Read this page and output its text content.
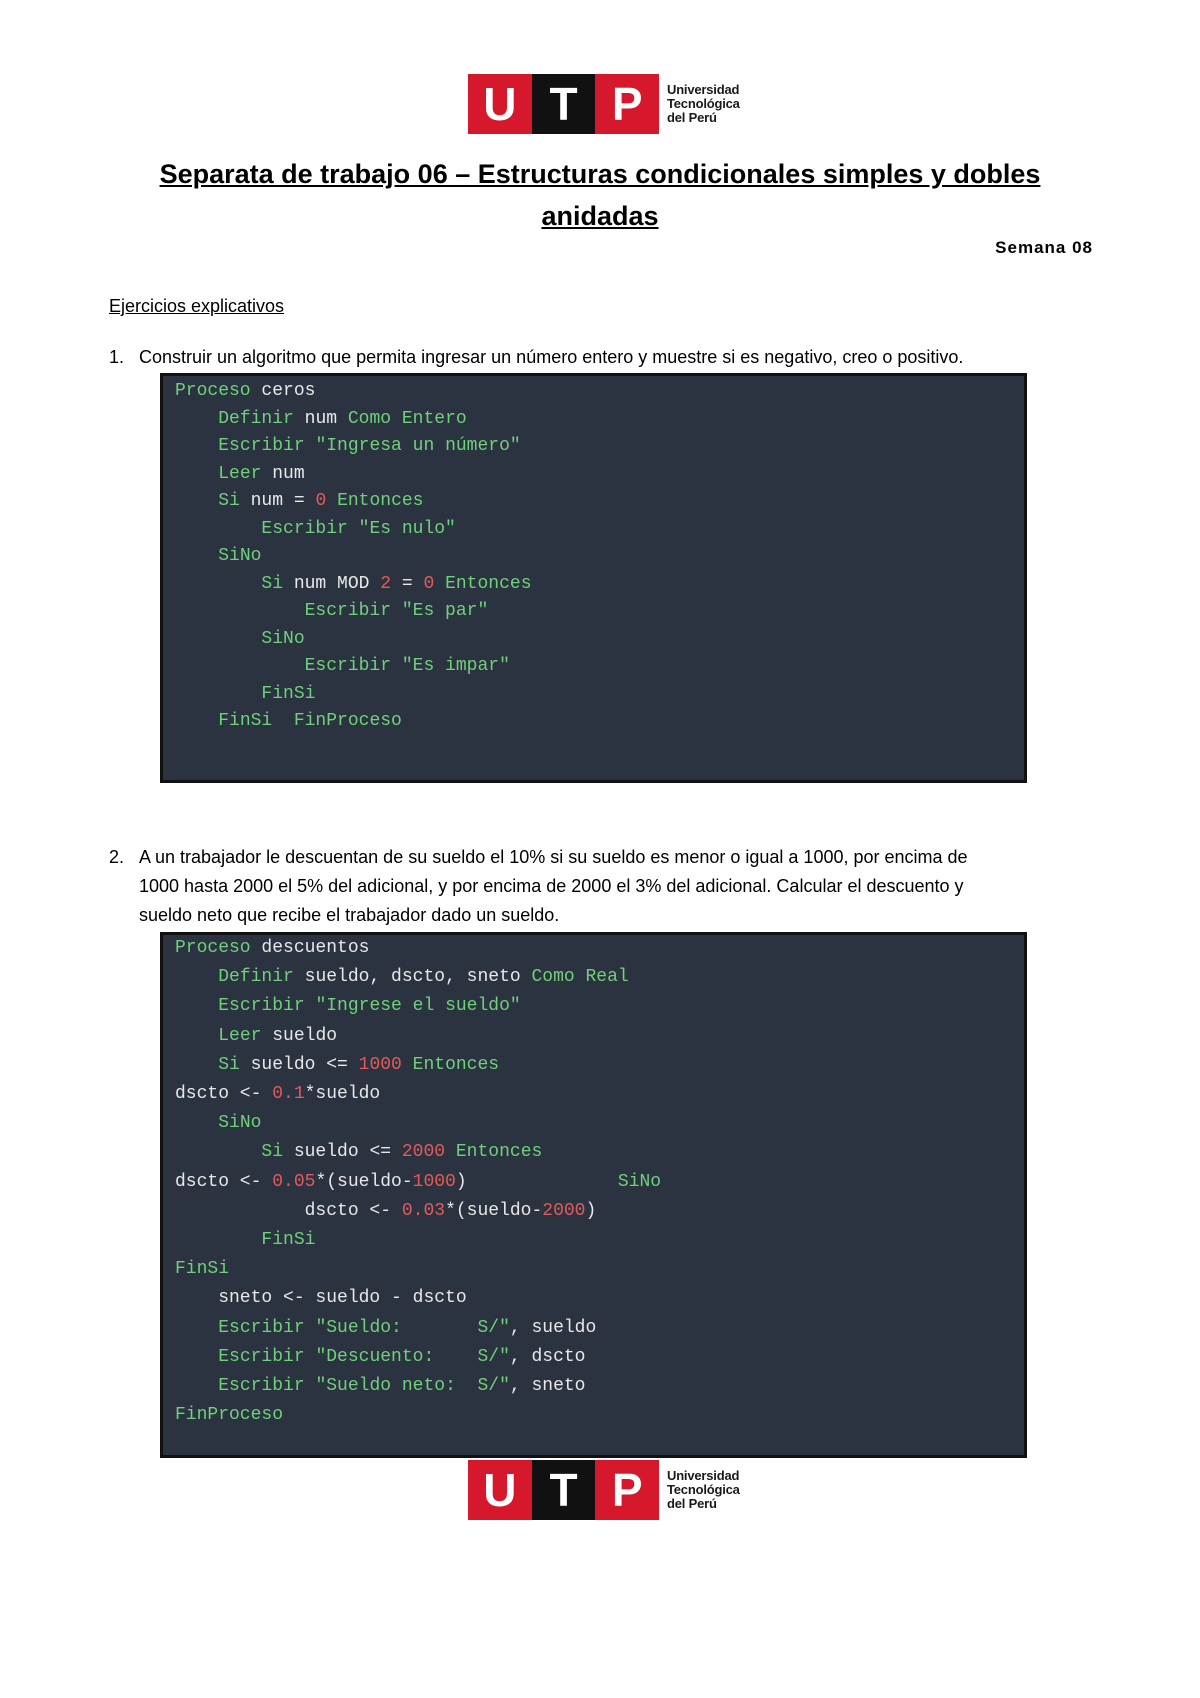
U T P	Universidad
Tecnológica
del Perú
Separata de trabajo 06 – Estructuras condicionales simples y dobles
anidadas
Semana 08
Ejercicios explicativos
1. Construir un algoritmo que permita ingresar un número entero y muestre si es negativo, creo o positivo.
Proceso ceros
Definir num Como Entero
Escribir "Ingresa un número"
Leer num
Si num = 0 Entonces
Escribir "Es nulo"
SiNo
Si num MOD 2 = 0 Entonces
Escribir "Es par"
SiNo
Escribir "Es impar"
FinSi
FinSi  FinProceso
2. A un trabajador le descuentan de su sueldo el 10% si su sueldo es menor o igual a 1000, por encima de
1000 hasta 2000 el 5% del adicional, y por encima de 2000 el 3% del adicional. Calcular el descuento y
sueldo neto que recibe el trabajador dado un sueldo.
Proceso descuentos
Definir sueldo, dscto, sneto Como Real
Escribir "Ingrese el sueldo"
Leer sueldo
Si sueldo <= 1000 Entonces
dscto <- 0.1*sueldo
SiNo
Si sueldo <= 2000 Entonces
dscto <- 0.05*(sueldo-1000)              SiNo
dscto <- 0.03*(sueldo-2000)
FinSi
FinSi
sneto <- sueldo - dscto
Escribir "Sueldo:       S/", sueldo
Escribir "Descuento:    S/", dscto
Escribir "Sueldo neto:  S/", sneto
FinProceso
U T P	Universidad
Tecnológica
del Perú
